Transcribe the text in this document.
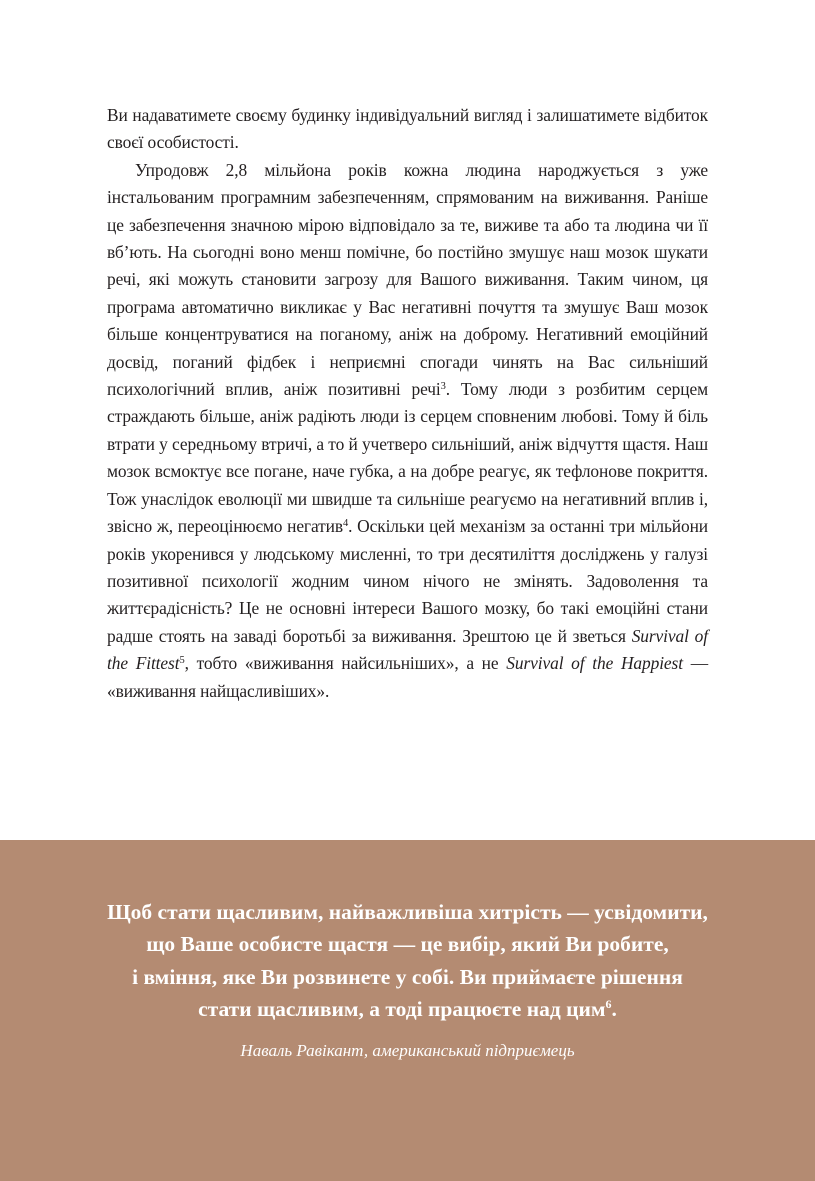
Ви надаватимете своєму будинку індивідуальний вигляд і залишатимете відбиток своєї особистості.

Упродовж 2,8 мільйона років кожна людина народжується з уже інстальованим програмним забезпеченням, спрямованим на виживання. Раніше це забезпечення значною мірою відповідало за те, виживе та або та людина чи її вб’ють. На сьогодні воно менш помічне, бо постійно змушує наш мозок шукати речі, які можуть становити загрозу для Вашого виживання. Таким чином, ця програма автоматично викликає у Вас негативні почуття та змушує Ваш мозок більше концентруватися на поганому, аніж на доброму. Негативний емоційний досвід, поганий фідбек і неприємні спогади чинять на Вас сильніший психологічний вплив, аніж позитивні речі$^3$. Тому люди з розбитим серцем страждають більше, аніж радіють люди із серцем сповненим любові. Тому й біль втрати у середньому втричі, а то й учетверо сильніший, аніж відчуття щастя. Наш мозок всмоктує все погане, наче губка, а на добре реагує, як тефлонове покриття. Тож унаслідок еволюції ми швидше та сильніше реагуємо на негативний вплив і, звісно ж, переоцінюємо негатив$^4$. Оскільки цей механізм за останні три мільйони років укоренився у людському мисленні, то три десятиліття досліджень у галузі позитивної психології жодним чином нічого не змінять. Задоволення та життєрадісність? Це не основні інтереси Вашого мозку, бо такі емоційні стани радше стоять на заваді боротьбі за виживання. Зрештою це й зветься Survival of the Fittest$^5$, тобто «виживання найсильніших», а не Survival of the Happiest — «виживання найщасливіших».

Щоб стати щасливим, найважливіша хитрість — усвідомити,
що Ваше особисте щастя — це вибір, який Ви робите,
і вміння, яке Ви розвинете у собі. Ви приймаєте рішення
стати щасливим, а тоді працюєте над цим$^6$.
Наваль Равікант, американський підприємець
